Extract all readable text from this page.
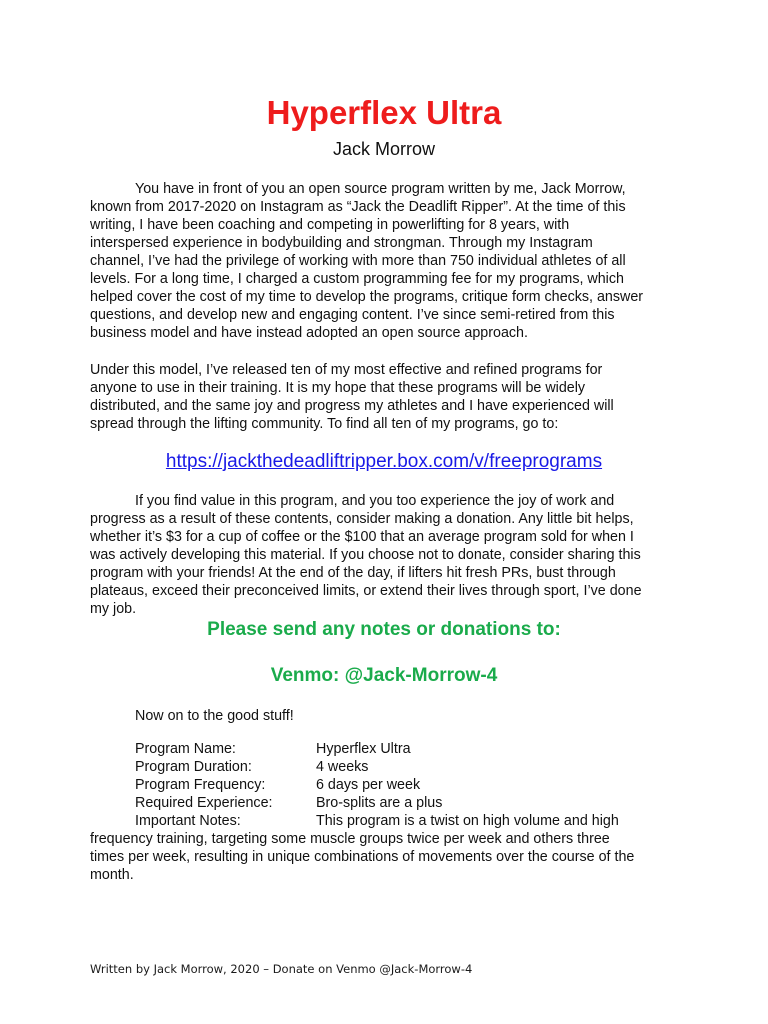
Hyperflex Ultra

Jack Morrow

You have in front of you an open source program written by me, Jack Morrow,
known from 2017-2020 on Instagram as “Jack the Deadlift Ripper”. At the time of this
writing, I have been coaching and competing in powerlifting for 8 years, with
interspersed experience in bodybuilding and strongman. Through my Instagram
channel, I’ve had the privilege of working with more than 750 individual athletes of all
levels. For a long time, I charged a custom programming fee for my programs, which
helped cover the cost of my time to develop the programs, critique form checks, answer
questions, and develop new and engaging content. I’ve since semi-retired from this
business model and have instead adopted an open source approach.
Under this model, I’ve released ten of my most effective and refined programs for
anyone to use in their training. It is my hope that these programs will be widely
distributed, and the same joy and progress my athletes and I have experienced will
spread through the lifting community. To find all ten of my programs, go to:
https://jackthedeadliftripper.box.com/v/freeprograms
If you find value in this program, and you too experience the joy of work and
progress as a result of these contents, consider making a donation. Any little bit helps,
whether it’s $3 for a cup of coffee or the $100 that an average program sold for when I
was actively developing this material. If you choose not to donate, consider sharing this
program with your friends! At the end of the day, if lifters hit fresh PRs, bust through
plateaus, exceed their preconceived limits, or extend their lives through sport, I’ve done
my job.

Please send any notes or donations to:

Venmo: @Jack-Morrow-4

Now on to the good stuff!

Program Name:	Hyperflex Ultra
Program Duration:	4 weeks
Program Frequency:	6 days per week
Required Experience:	Bro-splits are a plus
Important Notes:	This program is a twist on high volume and high
frequency training, targeting some muscle groups twice per week and others three
times per week, resulting in unique combinations of movements over the course of the
month.
Written by Jack Morrow, 2020 – Donate on Venmo @Jack-Morrow-4
